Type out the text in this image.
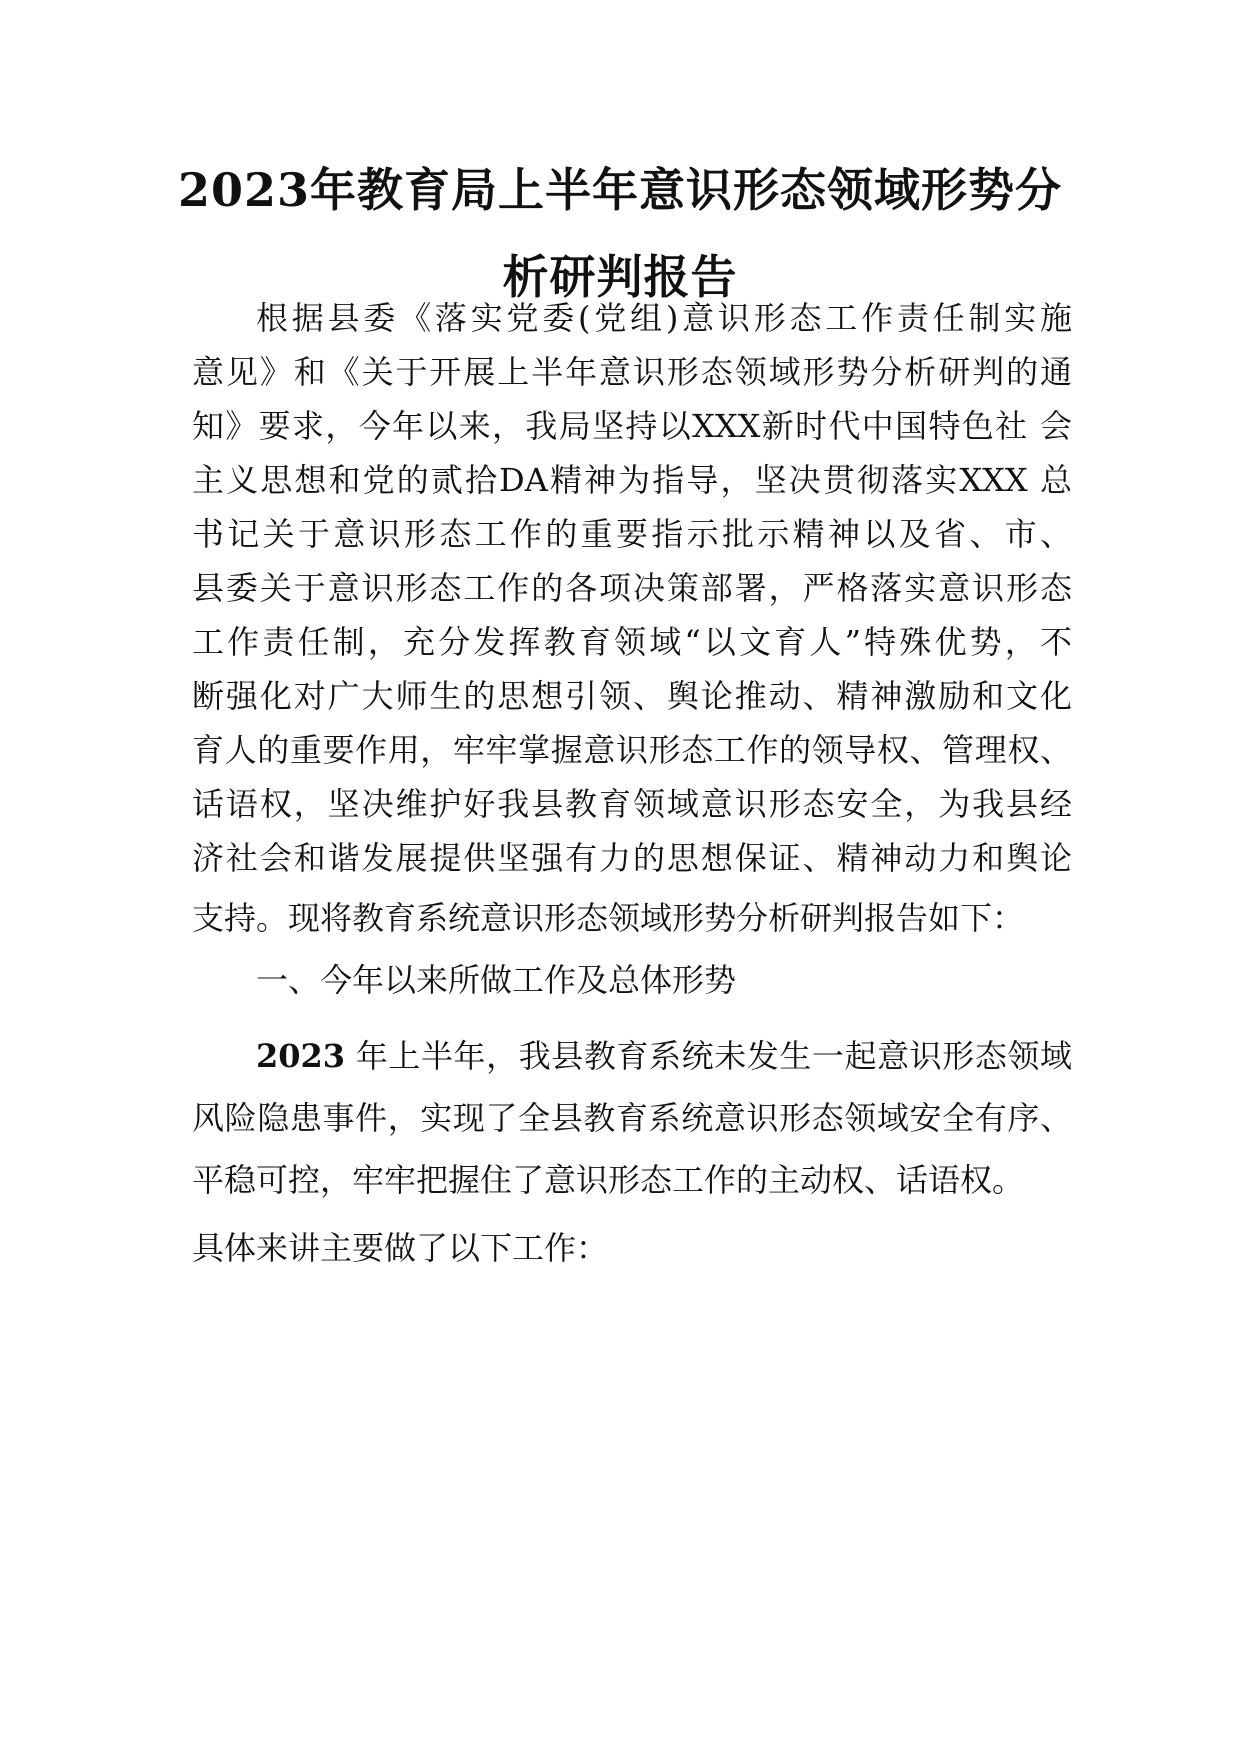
2023年教育局上半年意识形态领域形势分
析研判报告
根据县委《落实党委(党组)意识形态工作责任制实施
意见》和《关于开展上半年意识形态领域形势分析研判的通
知》要求，今年以来，我局坚持以XXX新时代中国特色社 会
主义思想和党的贰拾DA精神为指导，坚决贯彻落实XXX 总
书记关于意识形态工作的重要指示批示精神以及省、市、
县委关于意识形态工作的各项决策部署，严格落实意识形态
工作责任制，充分发挥教育领域“以文育人”特殊优势，不
断强化对广大师生的思想引领、舆论推动、精神激励和文化
育人的重要作用，牢牢掌握意识形态工作的领导权、管理权、
话语权，坚决维护好我县教育领域意识形态安全，为我县经
济社会和谐发展提供坚强有力的思想保证、精神动力和舆论
支持。现将教育系统意识形态领域形势分析研判报告如下：
一、今年以来所做工作及总体形势
2023 年上半年，我县教育系统未发生一起意识形态领域
风险隐患事件，实现了全县教育系统意识形态领域安全有序、
平稳可控，牢牢把握住了意识形态工作的主动权、话语权。
具体来讲主要做了以下工作：
